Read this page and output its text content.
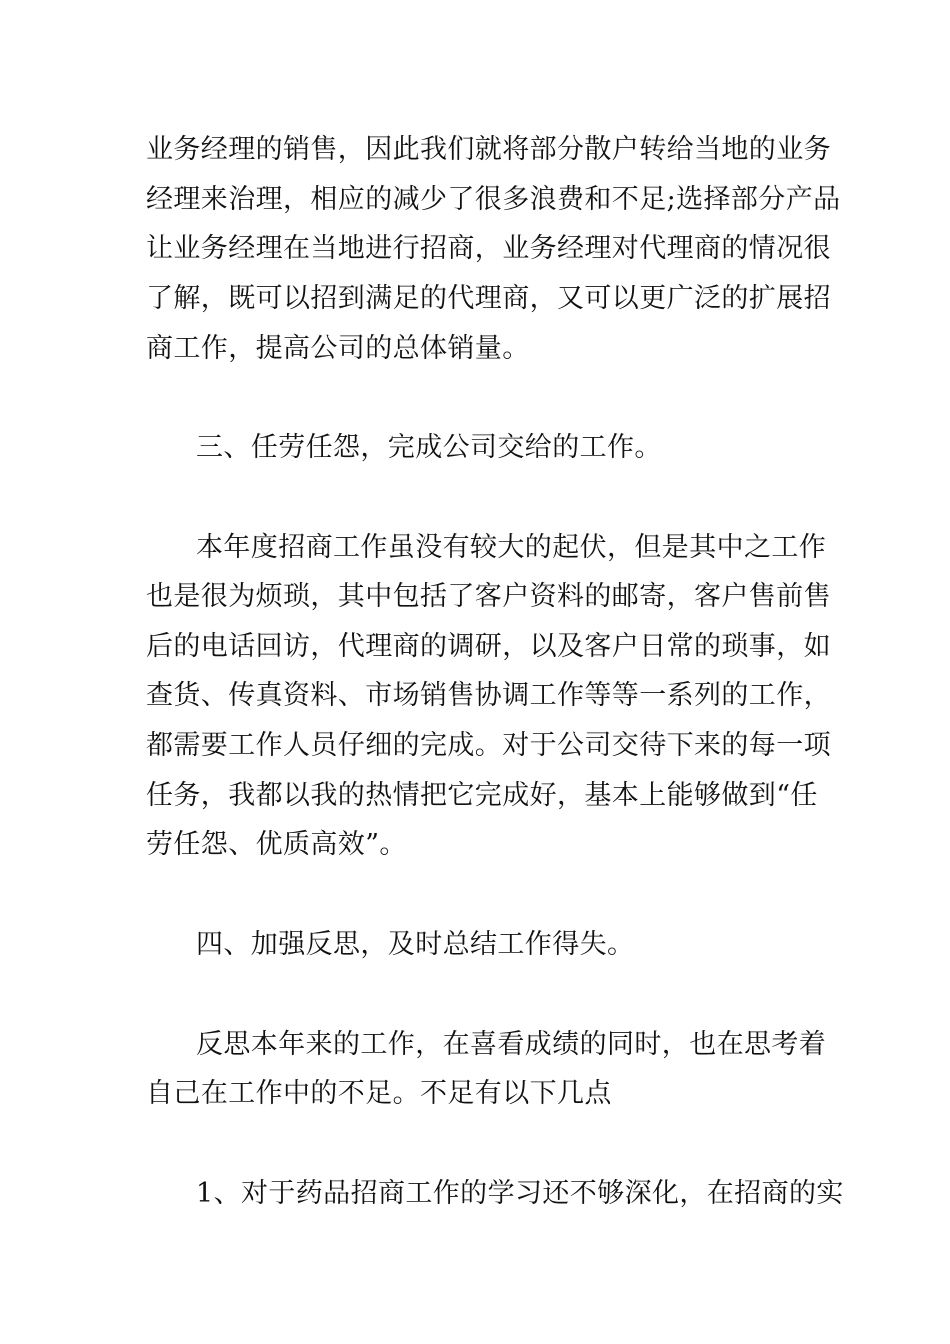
业务经理的销售，因此我们就将部分散户转给当地的业务
经理来治理，相应的减少了很多浪费和不足;选择部分产品
让业务经理在当地进行招商，业务经理对代理商的情况很
了解，既可以招到满足的代理商，又可以更广泛的扩展招
商工作，提高公司的总体销量。
三、任劳任怨，完成公司交给的工作。
本年度招商工作虽没有较大的起伏，但是其中之工作
也是很为烦琐，其中包括了客户资料的邮寄，客户售前售
后的电话回访，代理商的调研，以及客户日常的琐事，如
查货、传真资料、市场销售协调工作等等一系列的工作，
都需要工作人员仔细的完成。对于公司交待下来的每一项
任务，我都以我的热情把它完成好，基本上能够做到“任
劳任怨、优质高效”。
四、加强反思，及时总结工作得失。
反思本年来的工作，在喜看成绩的同时，也在思考着
自己在工作中的不足。不足有以下几点
1、对于药品招商工作的学习还不够深化，在招商的实
